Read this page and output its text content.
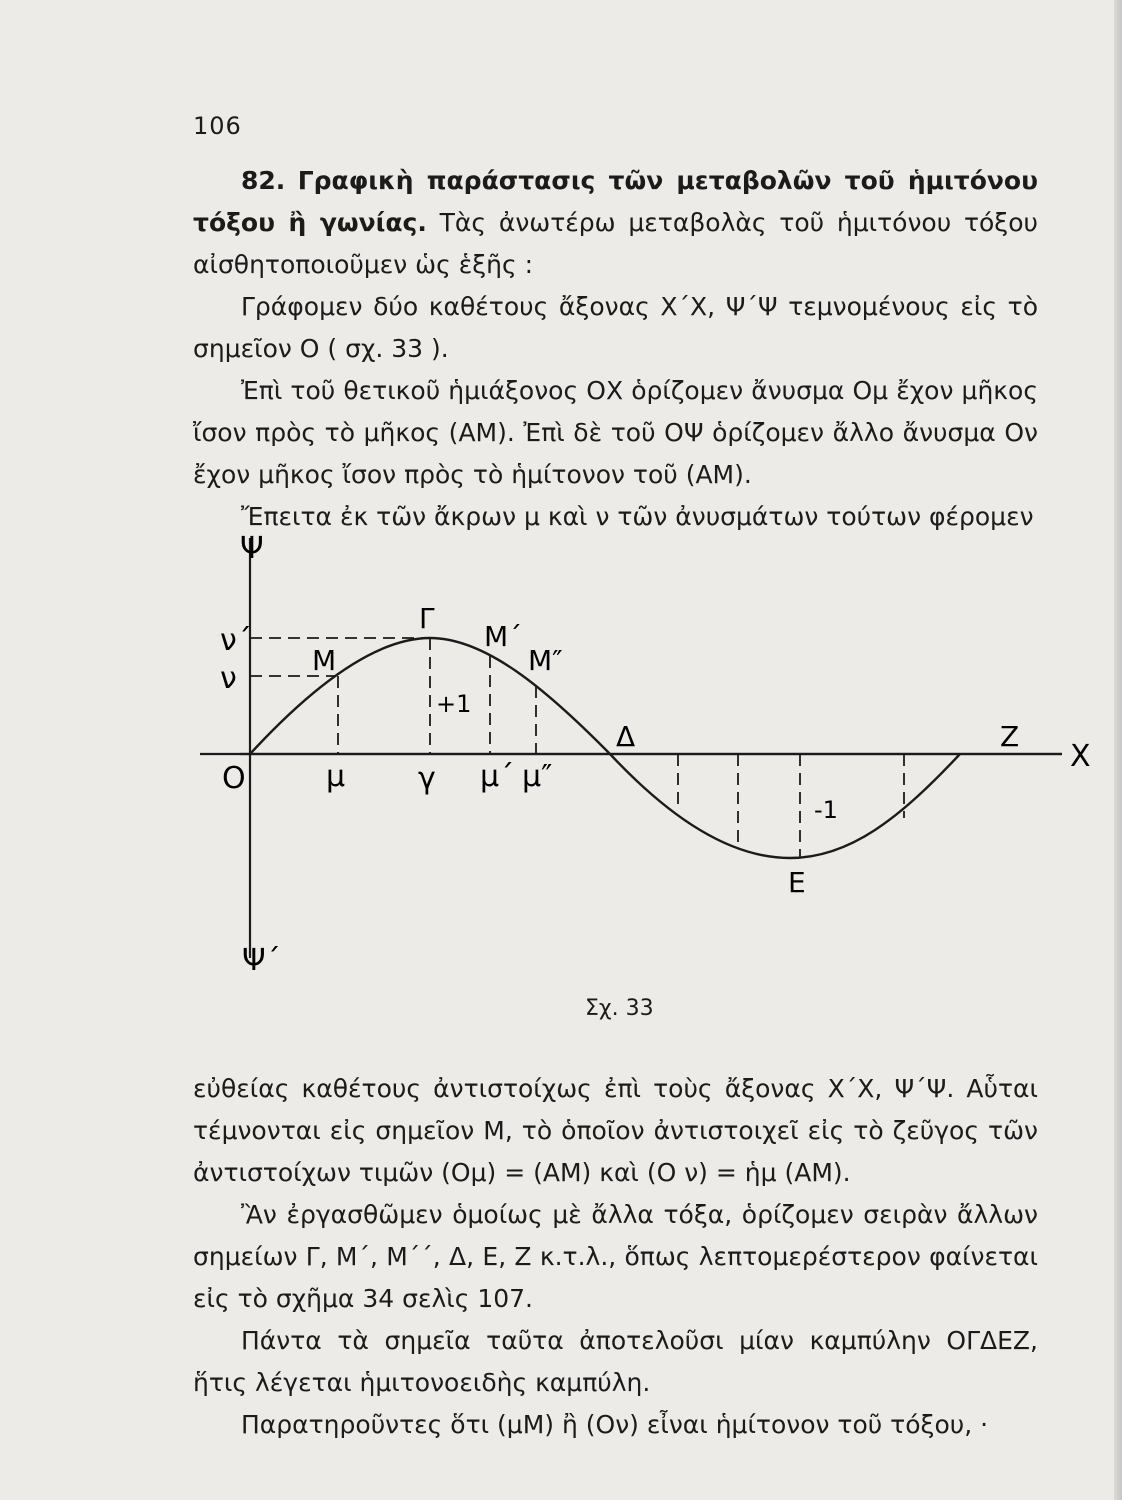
106

82. Γραφικὴ παράστασις τῶν μεταβολῶν τοῦ ἡμιτόνου τόξου ἢ γωνίας. Τὰς ἀνωτέρω μεταβολὰς τοῦ ἡμιτόνου τόξου αἰσθητοποιοῦμεν ὡς ἑξῆς :

Γράφομεν δύο καθέτους ἄξονας Χ΄Χ, Ψ΄Ψ τεμνομένους εἰς τὸ σημεῖον Ο ( σχ. 33 ).

Ἐπὶ τοῦ θετικοῦ ἡμιάξονος ΟΧ ὁρίζομεν ἄνυσμα Ομ ἔχον μῆκος ἴσον πρὸς τὸ μῆκος (ΑΜ). Ἐπὶ δὲ τοῦ ΟΨ ὁρίζομεν ἄλλο ἄνυσμα Ον ἔχον μῆκος ἴσον πρὸς τὸ ἡμίτονον τοῦ (ΑΜ).

Ἔπειτα ἐκ τῶν ἄκρων μ καὶ ν τῶν ἀνυσμάτων τούτων φέρομεν

Ψ
Ψ΄
ν΄
ν
Ο
Χ
Γ
Μ
Μ΄
Μ″
Δ	Ζ
Ε
μ γ μ΄ μ″
+1
-1
Σχ. 33

εὐθείας καθέτους ἀντιστοίχως ἐπὶ τοὺς ἄξονας Χ΄Χ, Ψ΄Ψ. Αὗται τέμνονται εἰς σημεῖον Μ, τὸ ὁποῖον ἀντιστοιχεῖ εἰς τὸ ζεῦγος τῶν ἀντιστοίχων τιμῶν (Ομ) = (ΑΜ) καὶ (Ο ν) = ἡμ (ΑΜ).

Ἂν ἐργασθῶμεν ὁμοίως μὲ ἄλλα τόξα, ὁρίζομεν σειρὰν ἄλλων σημείων Γ, Μ΄, Μ΄΄, Δ, Ε, Ζ κ.τ.λ., ὅπως λεπτομερέστερον φαίνεται εἰς τὸ σχῆμα 34 σελὶς 107.

Πάντα τὰ σημεῖα ταῦτα ἀποτελοῦσι μίαν καμπύλην ΟΓΔΕΖ, ἥτις λέγεται ἡμιτονοειδὴς καμπύλη.

Παρατηροῦντες ὅτι (μΜ) ἢ (Ον) εἶναι ἡμίτονον τοῦ τόξου, ·
